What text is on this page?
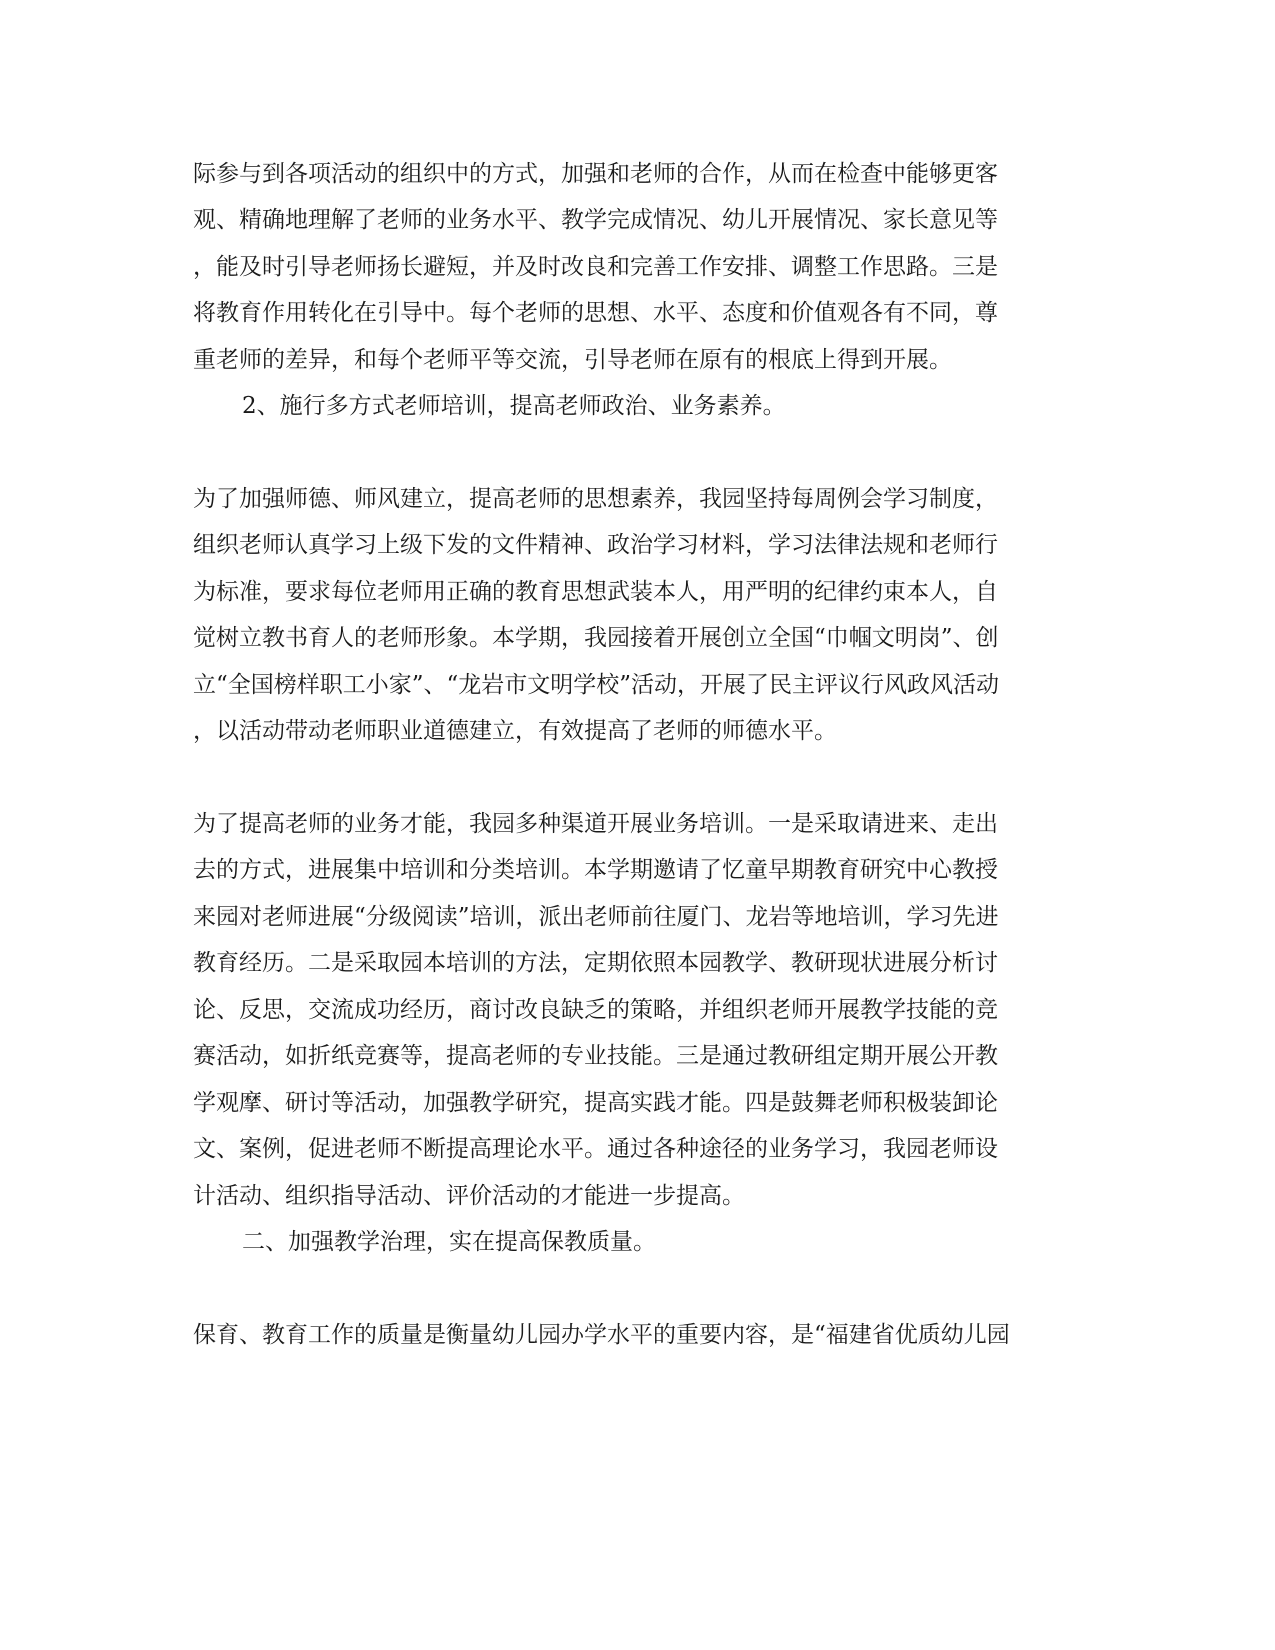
际参与到各项活动的组织中的方式，加强和老师的合作，从而在检查中能够更客
观、精确地理解了老师的业务水平、教学完成情况、幼儿开展情况、家长意见等
，能及时引导老师扬长避短，并及时改良和完善工作安排、调整工作思路。三是
将教育作用转化在引导中。每个老师的思想、水平、态度和价值观各有不同，尊
重老师的差异，和每个老师平等交流，引导老师在原有的根底上得到开展。
2、施行多方式老师培训，提高老师政治、业务素养。
为了加强师德、师风建立，提高老师的思想素养，我园坚持每周例会学习制度，
组织老师认真学习上级下发的文件精神、政治学习材料，学习法律法规和老师行
为标准，要求每位老师用正确的教育思想武装本人，用严明的纪律约束本人，自
觉树立教书育人的老师形象。本学期，我园接着开展创立全国“巾帼文明岗”、创
立“全国榜样职工小家”、“龙岩市文明学校”活动，开展了民主评议行风政风活动
，以活动带动老师职业道德建立，有效提高了老师的师德水平。
为了提高老师的业务才能，我园多种渠道开展业务培训。一是采取请进来、走出
去的方式，进展集中培训和分类培训。本学期邀请了忆童早期教育研究中心教授
来园对老师进展“分级阅读”培训，派出老师前往厦门、龙岩等地培训，学习先进
教育经历。二是采取园本培训的方法，定期依照本园教学、教研现状进展分析讨
论、反思，交流成功经历，商讨改良缺乏的策略，并组织老师开展教学技能的竞
赛活动，如折纸竞赛等，提高老师的专业技能。三是通过教研组定期开展公开教
学观摩、研讨等活动，加强教学研究，提高实践才能。四是鼓舞老师积极装卸论
文、案例，促进老师不断提高理论水平。通过各种途径的业务学习，我园老师设
计活动、组织指导活动、评价活动的才能进一步提高。
二、加强教学治理，实在提高保教质量。
保育、教育工作的质量是衡量幼儿园办学水平的重要内容，是“福建省优质幼儿园
